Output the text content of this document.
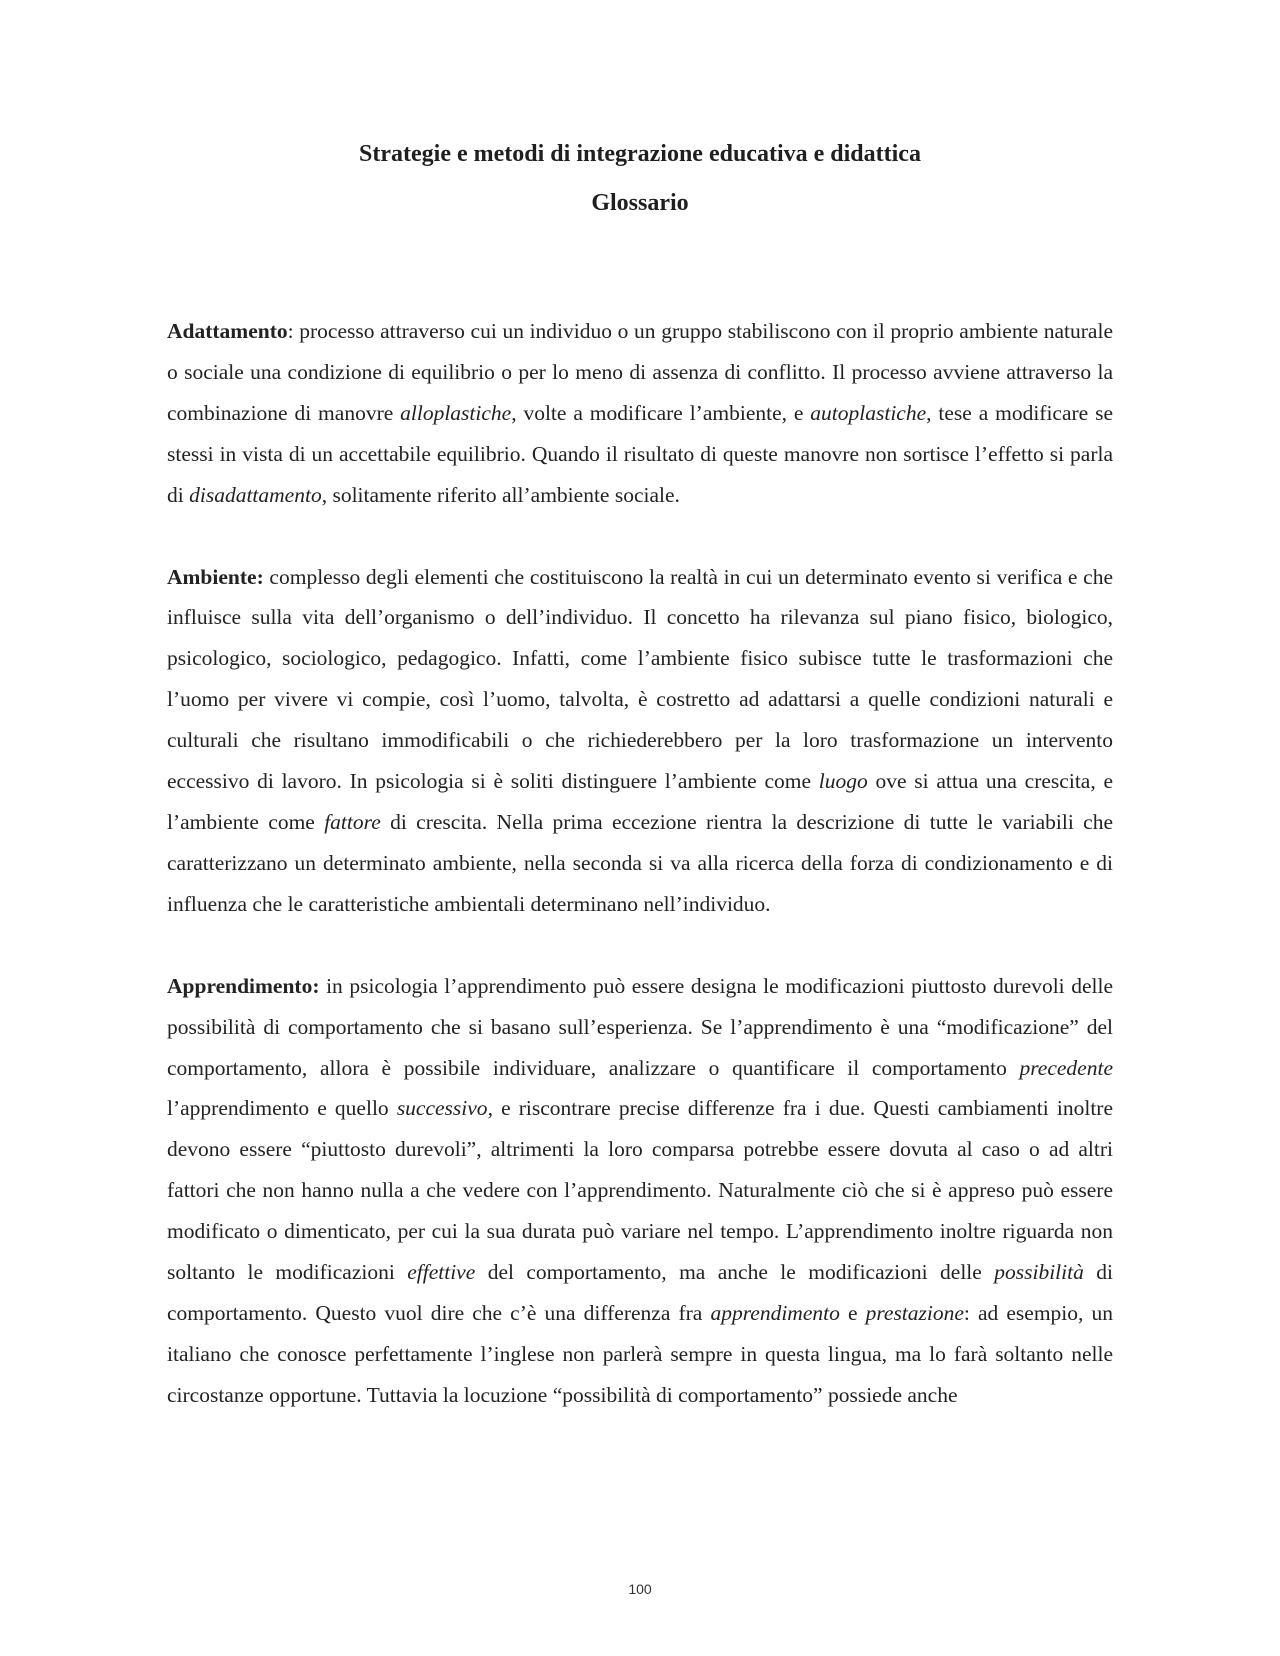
Strategie e metodi di integrazione educativa e didattica
Glossario

Adattamento: processo attraverso cui un individuo o un gruppo stabiliscono con il proprio ambiente naturale o sociale una condizione di equilibrio o per lo meno di assenza di conflitto. Il processo avviene attraverso la combinazione di manovre alloplastiche, volte a modificare l’ambiente, e autoplastiche, tese a modificare se stessi in vista di un accettabile equilibrio. Quando il risultato di queste manovre non sortisce l’effetto si parla di disadattamento, solitamente riferito all’ambiente sociale.

Ambiente: complesso degli elementi che costituiscono la realtà in cui un determinato evento si verifica e che influisce sulla vita dell’organismo o dell’individuo. Il concetto ha rilevanza sul piano fisico, biologico, psicologico, sociologico, pedagogico. Infatti, come l’ambiente fisico subisce tutte le trasformazioni che l’uomo per vivere vi compie, così l’uomo, talvolta, è costretto ad adattarsi a quelle condizioni naturali e culturali che risultano immodificabili o che richiederebbero per la loro trasformazione un intervento eccessivo di lavoro. In psicologia si è soliti distinguere l’ambiente come luogo ove si attua una crescita, e l’ambiente come fattore di crescita. Nella prima eccezione rientra la descrizione di tutte le variabili che caratterizzano un determinato ambiente, nella seconda si va alla ricerca della forza di condizionamento e di influenza che le caratteristiche ambientali determinano nell’individuo.

Apprendimento: in psicologia l’apprendimento può essere designa le modificazioni piuttosto durevoli delle possibilità di comportamento che si basano sull’esperienza. Se l’apprendimento è una “modificazione” del comportamento, allora è possibile individuare, analizzare o quantificare il comportamento precedente l’apprendimento e quello successivo, e riscontrare precise differenze fra i due. Questi cambiamenti inoltre devono essere “piuttosto durevoli”, altrimenti la loro comparsa potrebbe essere dovuta al caso o ad altri fattori che non hanno nulla a che vedere con l’apprendimento. Naturalmente ciò che si è appreso può essere modificato o dimenticato, per cui la sua durata può variare nel tempo. L’apprendimento inoltre riguarda non soltanto le modificazioni effettive del comportamento, ma anche le modificazioni delle possibilità di comportamento. Questo vuol dire che c’è una differenza fra apprendimento e prestazione: ad esempio, un italiano che conosce perfettamente l’inglese non parlerà sempre in questa lingua, ma lo farà soltanto nelle circostanze opportune. Tuttavia la locuzione “possibilità di comportamento” possiede anche

100
